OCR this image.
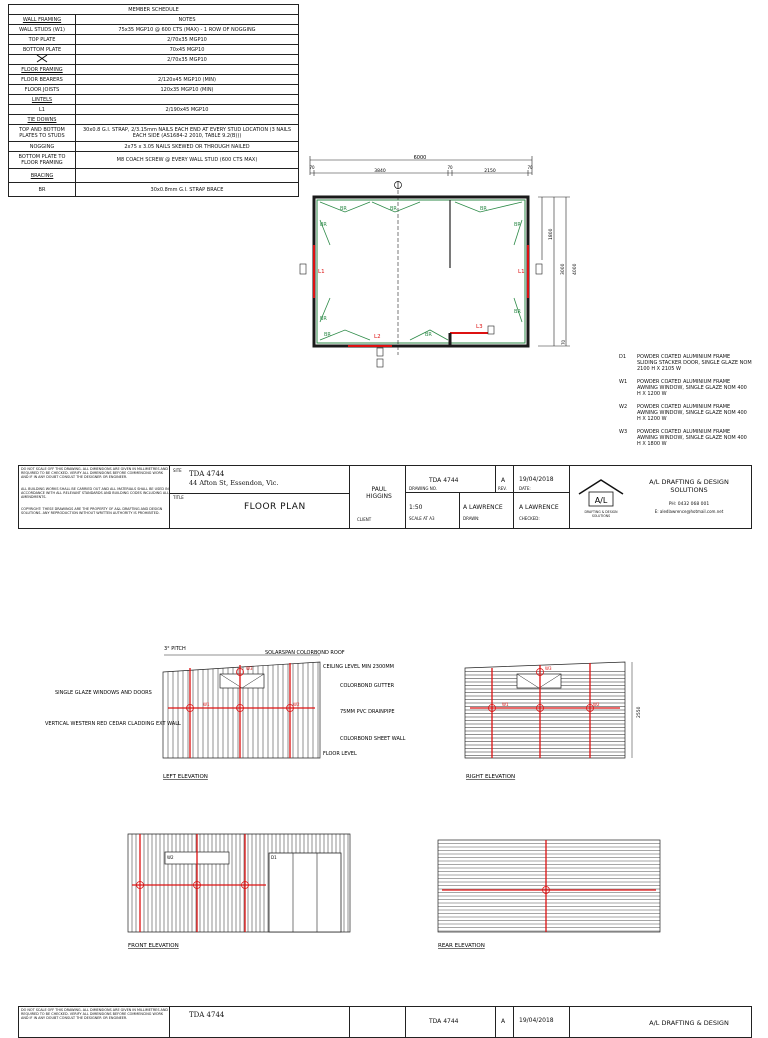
MEMBER SCHEDULE	
WALL FRAMING	NOTES
WALL STUDS (W1)	75x35 MGP10 @ 600 CTS (MAX) - 1 ROW OF NOGGING
TOP PLATE	2/70x35 MGP10
BOTTOM PLATE	70x45 MGP10
	2/70x35 MGP10
FLOOR FRAMING	
FLOOR BEARERS	2/120x45 MGP10 (MIN)
FLOOR JOISTS	120x35 MGP10 (MIN)
LINTELS	
L1	2/190x45 MGP10
TIE DOWNS	
TOP AND BOTTOM PLATES TO STUDS	30x0.8 G.I. STRAP, 2/3.15mm NAILS EACH END AT EVERY STUD LOCATION (3 NAILS EACH SIDE (AS1684-2 2010, TABLE 9.2(B)))
NOGGING	2x75 x 3.05 NAILS SKEWED OR THROUGH NAILED
BOTTOM PLATE TO FLOOR FRAMING	M8 COACH SCREW @ EVERY WALL STUD (600 CTS MAX)
BRACING	
BR	30x0.8mm G.I. STRAP BRACE
6000
3840	2150
70	70	70
1800
3000 4000
70
BR	BR	BR
BR	BR
BR
BR
BR	BR
L1	L1
L2
L3
D1	POWDER COATED ALUMINIUM FRAME SLIDING STACKER DOOR, SINGLE GLAZE NOM 2100 H X 2105 W
W1	POWDER COATED ALUMINIUM FRAME AWNING WINDOW, SINGLE GLAZE NOM 400 H X 1200 W
W2	POWDER COATED ALUMINIUM FRAME AWNING WINDOW, SINGLE GLAZE NOM 400 H X 1200 W
W3	POWDER COATED ALUMINIUM FRAME AWNING WINDOW, SINGLE GLAZE NOM 400 H X 1800 W
DO NOT SCALE OFF THIS DRAWING. ALL DIMENSIONS ARE GIVEN IN MILLIMETRES AND REQUIRED TO BE CHECKED. VERIFY ALL DIMENSIONS BEFORE COMMENCING WORK AND IF IN ANY DOUBT CONSULT THE DESIGNER OR ENGINEER.
ALL BUILDING WORKS SHALL BE CARRIED OUT AND ALL MATERIALS SHALL BE USED IN ACCORDANCE WITH ALL RELEVANT STANDARDS AND BUILDING CODES INCLUDING ALL AMENDMENTS.
COPYRIGHT: THESE DRAWINGS ARE THE PROPERTY OF A&L DRAFTING AND DESIGN SOLUTIONS. ANY REPRODUCTION WITHOUT WRITTEN AUTHORITY IS PROHIBITED.
SITE TDA 4744
44 Afton St, Essendon, Vic.
TITLE
FLOOR PLAN
PAUL HIGGINS
CLIENT
TDA 4744
DRAWING NO.
1:50
SCALE AT A3
A LAWRENCE
DRAWN:
A
REV.
19/04/2018
DATE:
A LAWRENCE
CHECKED:
A/L
DRAFTING & DESIGN SOLUTIONS
A/L DRAFTING & DESIGN SOLUTIONS
PH: 0432 068 001
E: aledlawrence@hotmail.com.net
3° PITCH
SOLARSPAN COLORBOND ROOF
CEILING LEVEL MIN 2300MM
COLORBOND GUTTER
75MM PVC DRAINPIPE
COLORBOND SHEET WALL
FLOOR LEVEL
SINGLE GLAZE WINDOWS AND DOORS
VERTICAL WESTERN RED CEDAR CLADDING EXT WALL
LEFT ELEVATION
W3
W1	W2
2550
W3
W1	W2
RIGHT ELEVATION
W2	D1
FRONT ELEVATION	REAR ELEVATION
DO NOT SCALE OFF THIS DRAWING. ALL DIMENSIONS ARE GIVEN IN MILLIMETRES AND REQUIRED TO BE CHECKED. VERIFY ALL DIMENSIONS BEFORE COMMENCING WORK AND IF IN ANY DOUBT CONSULT THE DESIGNER OR ENGINEER.	TDA 4744
TDA 4744	A 19/04/2018	A/L DRAFTING & DESIGN
